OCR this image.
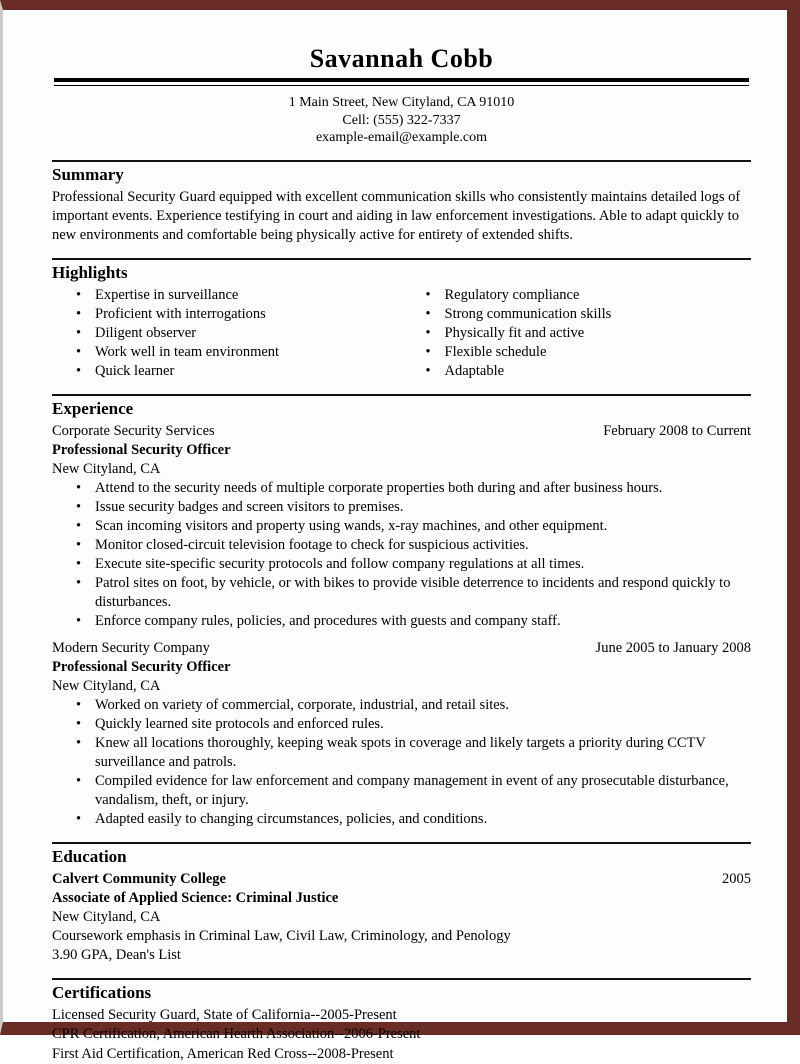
Savannah Cobb
1 Main Street, New Cityland, CA 91010
Cell: (555) 322-7337
example-email@example.com
Summary

Professional Security Guard equipped with excellent communication skills who consistently maintains detailed logs of important events. Experience testifying in court and aiding in law enforcement investigations. Able to adapt quickly to new environments and comfortable being physically active for entirety of extended shifts.

Highlights
• Expertise in surveillance
• Proficient with interrogations
• Diligent observer
• Work well in team environment
• Quick learner
• Regulatory compliance
• Strong communication skills
• Physically fit and active
• Flexible schedule
• Adaptable
Experience
Corporate Security Services	February 2008 to Current
Professional Security Officer
New Cityland, CA
• Attend to the security needs of multiple corporate properties both during and after business hours.
• Issue security badges and screen visitors to premises.
• Scan incoming visitors and property using wands, x-ray machines, and other equipment.
• Monitor closed-circuit television footage to check for suspicious activities.
• Execute site-specific security protocols and follow company regulations at all times.
• Patrol sites on foot, by vehicle, or with bikes to provide visible deterrence to incidents and respond quickly to disturbances.
• Enforce company rules, policies, and procedures with guests and company staff.
Modern Security Company	June 2005 to January 2008
Professional Security Officer
New Cityland, CA
• Worked on variety of commercial, corporate, industrial, and retail sites.
• Quickly learned site protocols and enforced rules.
• Knew all locations thoroughly, keeping weak spots in coverage and likely targets a priority during CCTV surveillance and patrols.
• Compiled evidence for law enforcement and company management in event of any prosecutable disturbance, vandalism, theft, or injury.
• Adapted easily to changing circumstances, policies, and conditions.
Education
Calvert Community College	2005
Associate of Applied Science: Criminal Justice
New Cityland, CA
Coursework emphasis in Criminal Law, Civil Law, Criminology, and Penology
3.90 GPA, Dean's List
Certifications
Licensed Security Guard, State of California--2005-Present
CPR Certification, American Hearth Association--2006-Present
First Aid Certification, American Red Cross--2008-Present
